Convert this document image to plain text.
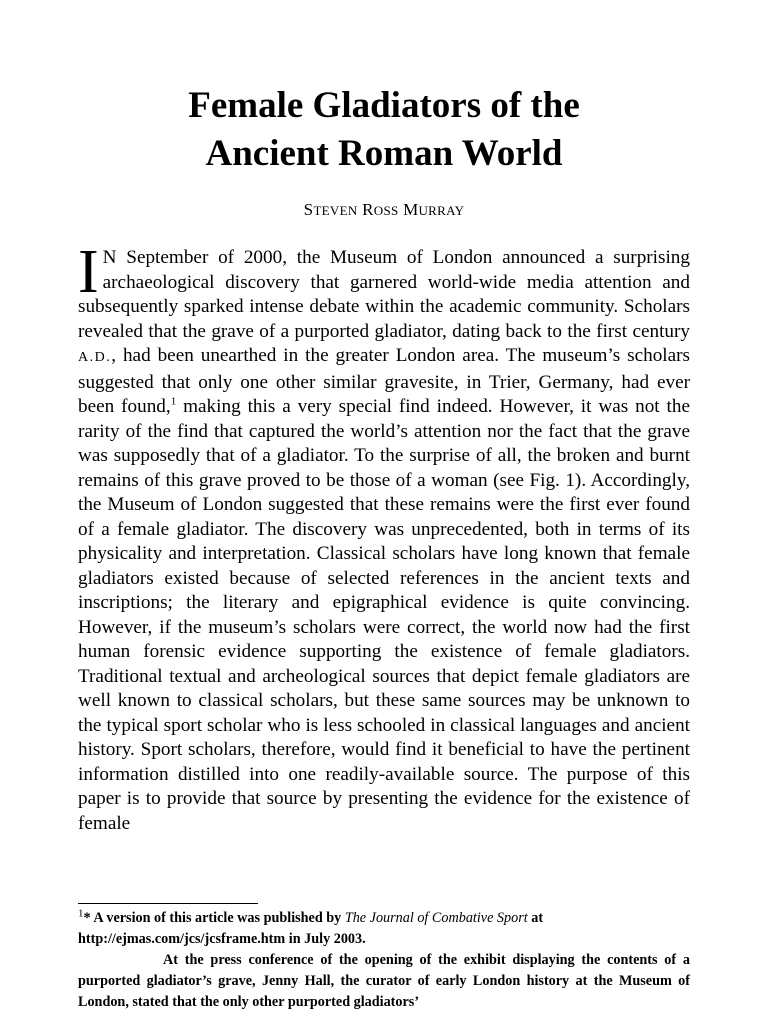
Female Gladiators of the
Ancient Roman World
STEVEN ROSS MURRAY

I N September of 2000, the Museum of London announced a surprising archaeological discovery that garnered world-wide media attention and subsequently sparked intense debate within the academic community. Scholars revealed that the grave of a purported gladiator, dating back to the first century A.D., had been unearthed in the greater London area. The museum’s scholars suggested that only one other similar gravesite, in Trier, Germany, had ever been found,$^1$ making this a very special find indeed. However, it was not the rarity of the find that captured the world’s attention nor the fact that the grave was supposedly that of a gladiator. To the surprise of all, the broken and burnt remains of this grave proved to be those of a woman (see Fig. 1). Accordingly, the Museum of London suggested that these remains were the first ever found of a female gladiator. The discovery was unprecedented, both in terms of its physicality and interpretation. Classical scholars have long known that female gladiators existed because of selected references in the ancient texts and inscriptions; the literary and epigraphical evidence is quite convincing. However, if the museum’s scholars were correct, the world now had the first human forensic evidence supporting the existence of female gladiators. Traditional textual and archeological sources that depict female gladiators are well known to classical scholars, but these same sources may be unknown to the typical sport scholar who is less schooled in classical languages and ancient history. Sport scholars, therefore, would find it beneficial to have the pertinent information distilled into one readily-available source. The purpose of this paper is to provide that source by presenting the evidence for the existence of female

$^1$* A version of this article was published by The Journal of Combative Sport at
http://ejmas.com/jcs/jcsframe.htm in July 2003.

At the press conference of the opening of the exhibit displaying the contents of a purported gladiator’s grave, Jenny Hall, the curator of early London history at the Museum of London, stated that the only other purported gladiators’
